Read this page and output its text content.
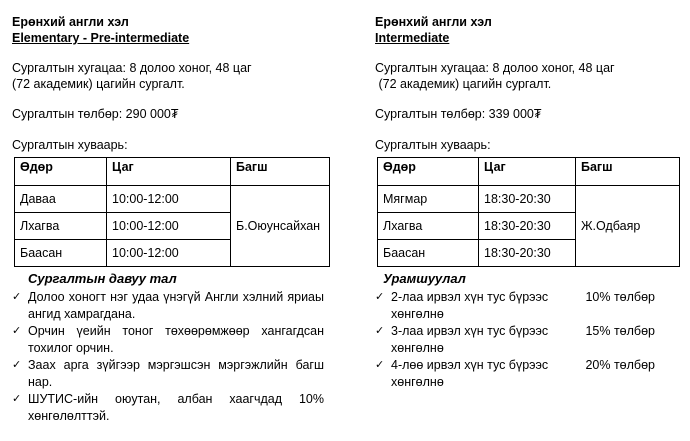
Ерөнхий англи хэл
Elementary - Pre-intermediate
Сургалтын хугацаа: 8 долоо хоног, 48 цаг
(72 академик) цагийн сургалт.
Сургалтын төлбөр: 290 000₮
Сургалтын хуваарь:
Өдөр	Цаг	Багш
Даваа	10:00-12:00	Б.Оюунсайхан
Лхагва	10:00-12:00	
Баасан	10:00-12:00	
Сургалтын давуу тал
✓ Долоо хоногт нэг удаа үнэгүй Англи хэлний яриаы ангид хамрагдана.
✓ Орчин үеийн тоног төхөөрөмжөөр хангагдсан тохилог орчин.
✓ Заах арга зүйгээр мэргэшсэн мэргэжлийн багш нар.
✓ ШУТИС-ийн оюутан, албан хаагчдад 10% хөнгөлөлттэй.
Ерөнхий англи хэл
Intermediate
Сургалтын хугацаа: 8 долоо хоног, 48 цаг
(72 академик) цагийн сургалт.
Сургалтын төлбөр: 339 000₮
Сургалтын хуваарь:
Өдөр	Цаг	Багш
Мягмар	18:30-20:30	Ж.Одбаяр
Лхагва	18:30-20:30	
Баасан	18:30-20:30	
Урамшуулал
✓ 2-лаа ирвэл хүн тус бүрээс	10% төлбөр
хөнгөлнө
✓ 3-лаа ирвэл хүн тус бүрээс	15% төлбөр
хөнгөлнө
✓ 4-лөө ирвэл хүн тус бүрээс	20% төлбөр
хөнгөлнө
